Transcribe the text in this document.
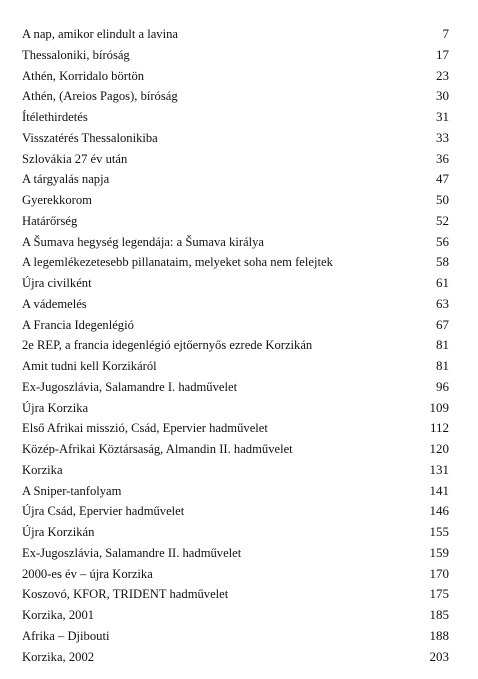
A nap, amikor elindult a lavina	7
Thessaloniki, bíróság	17
Athén, Korridalo börtön	23
Athén, (Areios Pagos), bíróság	30
Ítélethirdetés	31
Visszatérés Thessalonikiba	33
Szlovákia 27 év után	36
A tárgyalás napja	47
Gyerekkorom	50
Határőrség	52
A Šumava hegység legendája: a Šumava királya	56
A legemlékezetesebb pillanataim, melyeket soha nem felejtek	58
Újra civilként	61
A vádemelés	63
A Francia Idegenlégió	67
2e REP, a francia idegenlégió ejtőernyős ezrede Korzikán	81
Amit tudni kell Korzikáról	81
Ex-Jugoszlávia, Salamandre I. hadművelet	96
Újra Korzika	109
Első Afrikai misszió, Csád, Epervier hadművelet	112
Közép-Afrikai Köztársaság, Almandin II. hadművelet	120
Korzika	131
A Sniper-tanfolyam	141
Újra Csád, Epervier hadművelet	146
Újra Korzikán	155
Ex-Jugoszlávia, Salamandre II. hadművelet	159
2000-es év – újra Korzika	170
Koszovó, KFOR, TRIDENT hadművelet	175
Korzika, 2001	185
Afrika – Djibouti	188
Korzika, 2002	203
